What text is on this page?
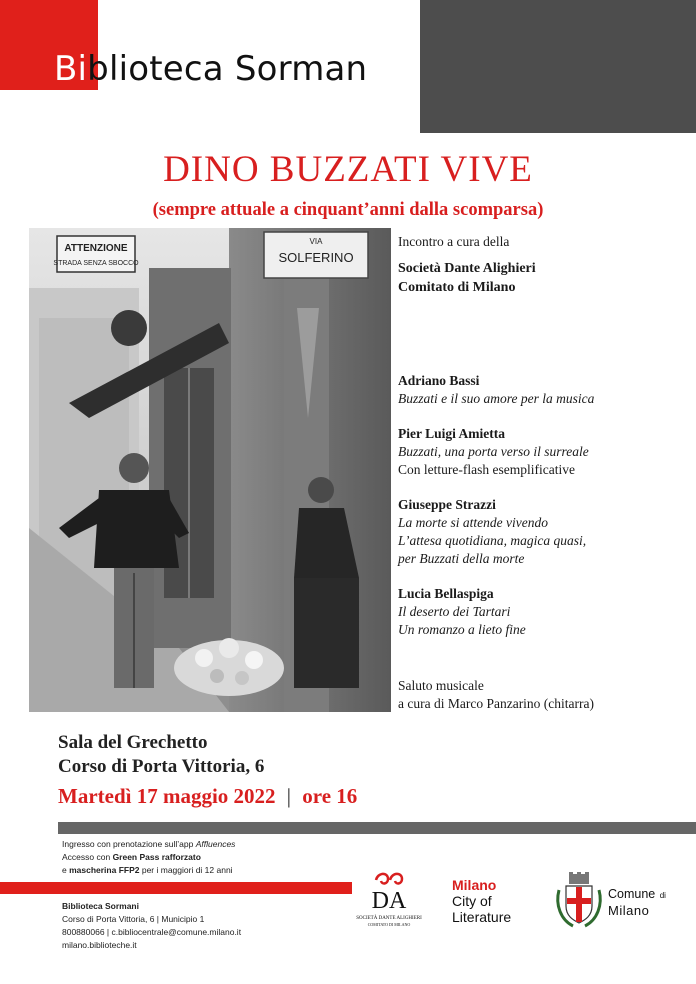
Biblioteca Sormani
DINO BUZZATI VIVE
(sempre attuale a cinquant’anni dalla scomparsa)
ATTENZIONE
STRADA SENZA SBOCCO
VIA
SOLFERINO
Incontro a cura della
Società Dante Alighieri
Comitato di Milano
Adriano Bassi
Buzzati e il suo amore per la musica
Pier Luigi Amietta
Buzzati, una porta verso il surreale
Con letture-flash esemplificative
Giuseppe Strazzi
La morte si attende vivendo
L’attesa quotidiana, magica quasi,
per Buzzati della morte
Lucia Bellaspiga
Il deserto dei Tartari
Un romanzo a lieto fine
Saluto musicale
a cura di Marco Panzarino (chitarra)
Sala del Grechetto
Corso di Porta Vittoria, 6
Martedì 17 maggio 2022 | ore 16
Ingresso con prenotazione sull’app Affluences
Accesso con Green Pass rafforzato
e mascherina FFP2 per i maggiori di 12 anni
Biblioteca Sormani
Corso di Porta Vittoria, 6 | Municipio 1
800880066 | c.bibliocentrale@comune.milano.it
milano.biblioteche.it
DA
SOCIETÀ DANTE ALIGHIERI
COMITATO DI MILANO
Milano
City of
Literature
Comune di
Milano
